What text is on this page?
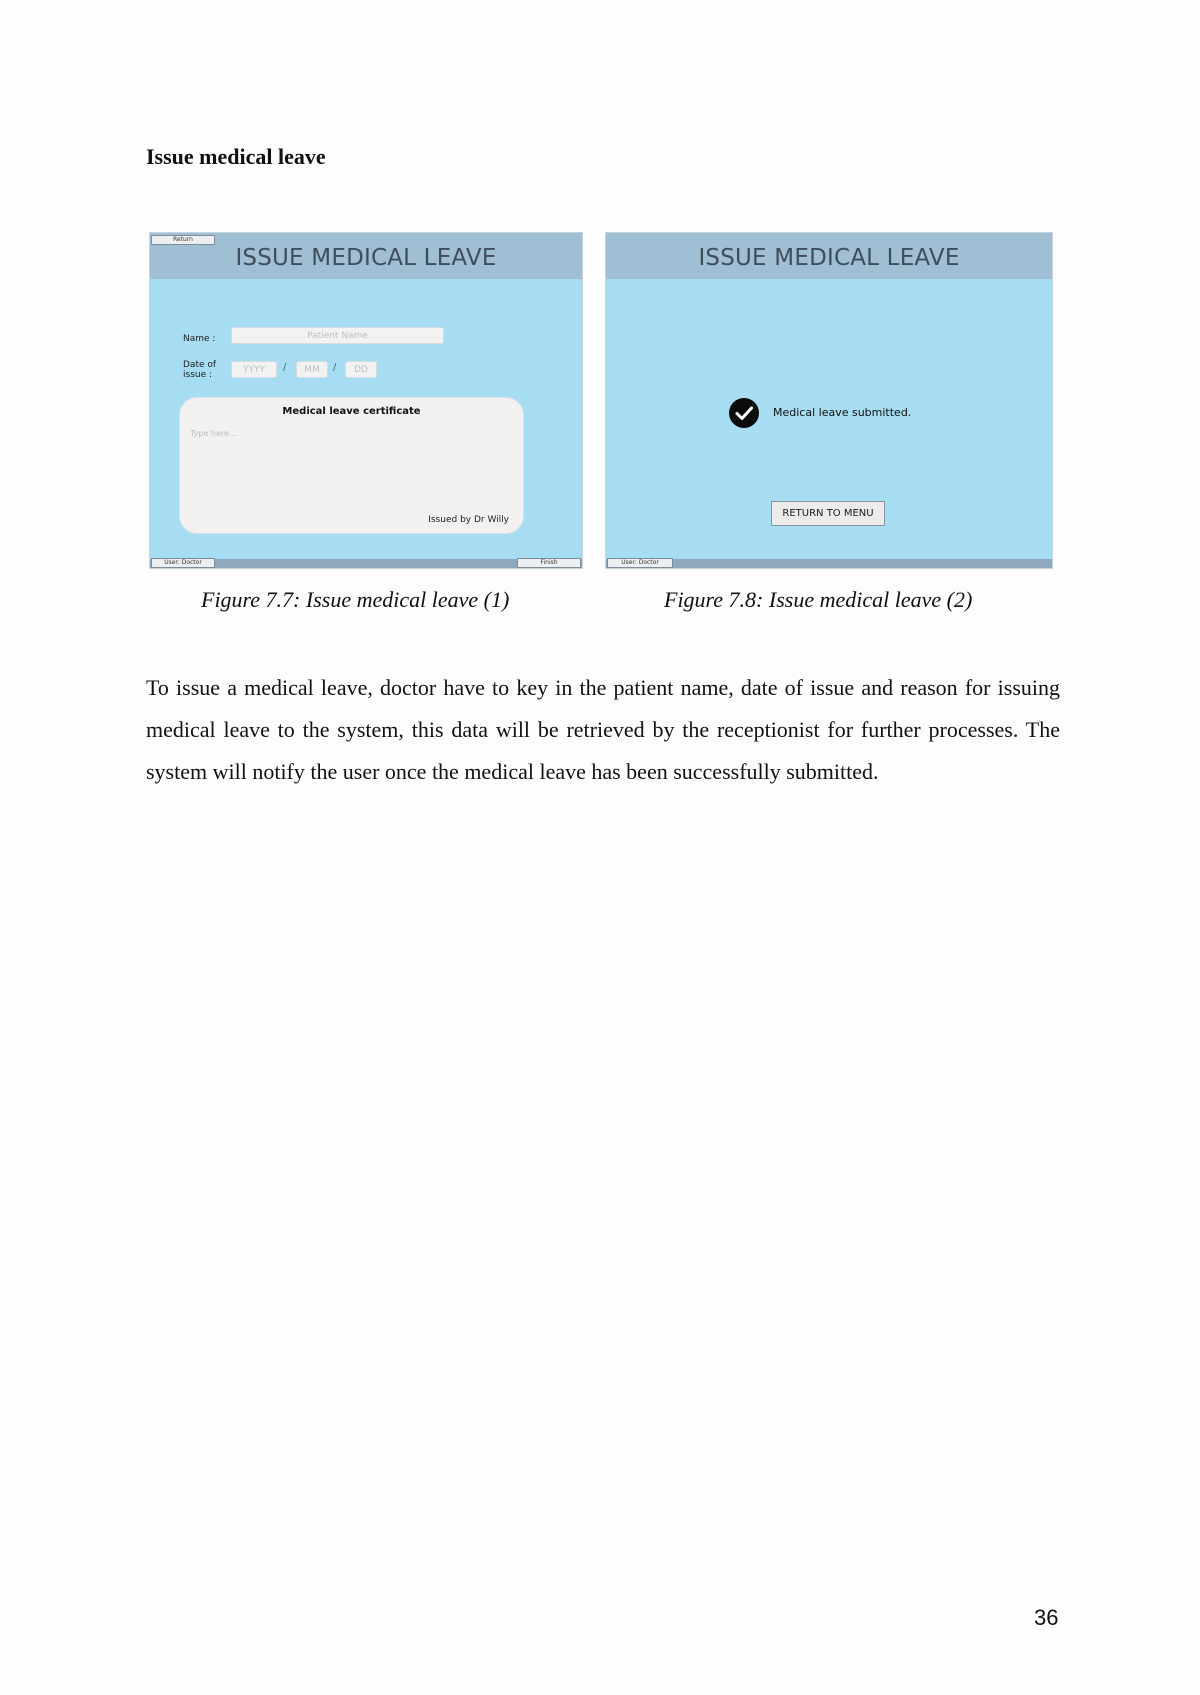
Issue medical leave
ISSUE MEDICAL LEAVE
Return
Name :	Patient Name
Date of issue :	YYYY	/	MM	/	DD
Medical leave certificate
Type here...
Issued by Dr Willy
User: Doctor	Finish
ISSUE MEDICAL LEAVE
Medical leave submitted.
RETURN TO MENU
User: Doctor

Figure 7.7: Issue medical leave (1)	Figure 7.8: Issue medical leave (2)

To issue a medical leave, doctor have to key in the patient name, date of issue and reason for issuing medical leave to the system, this data will be retrieved by the receptionist for further processes. The system will notify the user once the medical leave has been successfully submitted.

36
